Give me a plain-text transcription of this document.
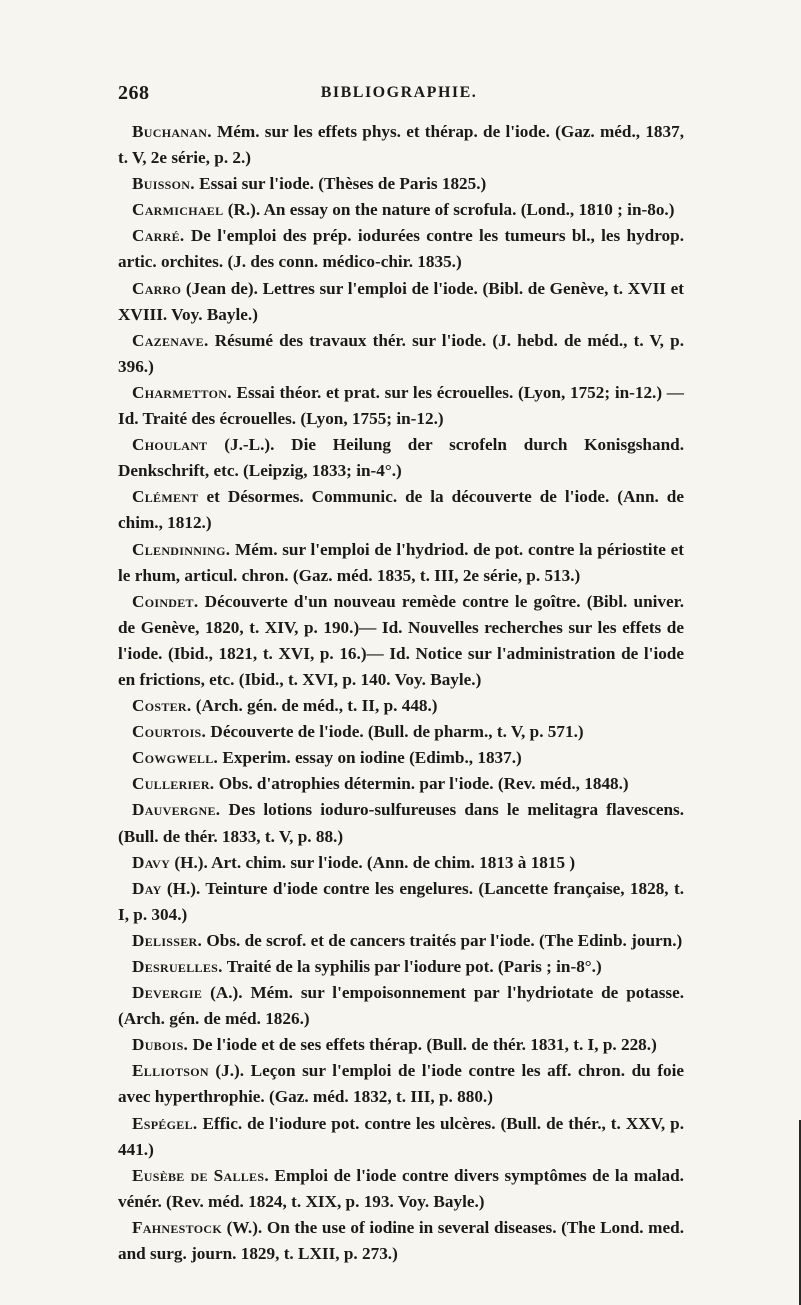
268	BIBLIOGRAPHIE.

Buchanan. Mém. sur les effets phys. et thérap. de l'iode. (Gaz. méd., 1837, t. V, 2e série, p. 2.)

Buisson. Essai sur l'iode. (Thèses de Paris 1825.)

Carmichael (R.). An essay on the nature of scrofula. (Lond., 1810 ; in-8o.)

Carré. De l'emploi des prép. iodurées contre les tumeurs bl., les hydrop. artic. orchites. (J. des conn. médico-chir. 1835.)

Carro (Jean de). Lettres sur l'emploi de l'iode. (Bibl. de Genève, t. XVII et XVIII. Voy. Bayle.)

Cazenave. Résumé des travaux thér. sur l'iode. (J. hebd. de méd., t. V, p. 396.)

Charmetton. Essai théor. et prat. sur les écrouelles. (Lyon, 1752; in-12.) — Id. Traité des écrouelles. (Lyon, 1755; in-12.)

Choulant (J.-L.). Die Heilung der scrofeln durch Konisgshand. Denkschrift, etc. (Leipzig, 1833; in-4°.)

Clément et Désormes. Communic. de la découverte de l'iode. (Ann. de chim., 1812.)

Clendinning. Mém. sur l'emploi de l'hydriod. de pot. contre la périostite et le rhum, articul. chron. (Gaz. méd. 1835, t. III, 2e série, p. 513.)

Coindet. Découverte d'un nouveau remède contre le goître. (Bibl. univer. de Genève, 1820, t. XIV, p. 190.)— Id. Nouvelles recherches sur les effets de l'iode. (Ibid., 1821, t. XVI, p. 16.)— Id. Notice sur l'administration de l'iode en frictions, etc. (Ibid., t. XVI, p. 140. Voy. Bayle.)

Coster. (Arch. gén. de méd., t. II, p. 448.)

Courtois. Découverte de l'iode. (Bull. de pharm., t. V, p. 571.)

Cowgwell. Experim. essay on iodine (Edimb., 1837.)

Cullerier. Obs. d'atrophies détermin. par l'iode. (Rev. méd., 1848.)

Dauvergne. Des lotions ioduro-sulfureuses dans le melitagra flavescens. (Bull. de thér. 1833, t. V, p. 88.)

Davy (H.). Art. chim. sur l'iode. (Ann. de chim. 1813 à 1815 )

Day (H.). Teinture d'iode contre les engelures. (Lancette française, 1828, t. I, p. 304.)

Delisser. Obs. de scrof. et de cancers traités par l'iode. (The Edinb. journ.)

Desruelles. Traité de la syphilis par l'iodure pot. (Paris ; in-8°.)

Devergie (A.). Mém. sur l'empoisonnement par l'hydriotate de potasse. (Arch. gén. de méd. 1826.)

Dubois. De l'iode et de ses effets thérap. (Bull. de thér. 1831, t. I, p. 228.)

Elliotson (J.). Leçon sur l'emploi de l'iode contre les aff. chron. du foie avec hyperthrophie. (Gaz. méd. 1832, t. III, p. 880.)

Espégel. Effic. de l'iodure pot. contre les ulcères. (Bull. de thér., t. XXV, p. 441.)

Eusèbe de Salles. Emploi de l'iode contre divers symptômes de la malad. vénér. (Rev. méd. 1824, t. XIX, p. 193. Voy. Bayle.)

Fahnestock (W.). On the use of iodine in several diseases. (The Lond. med. and surg. journ. 1829, t. LXII, p. 273.)
